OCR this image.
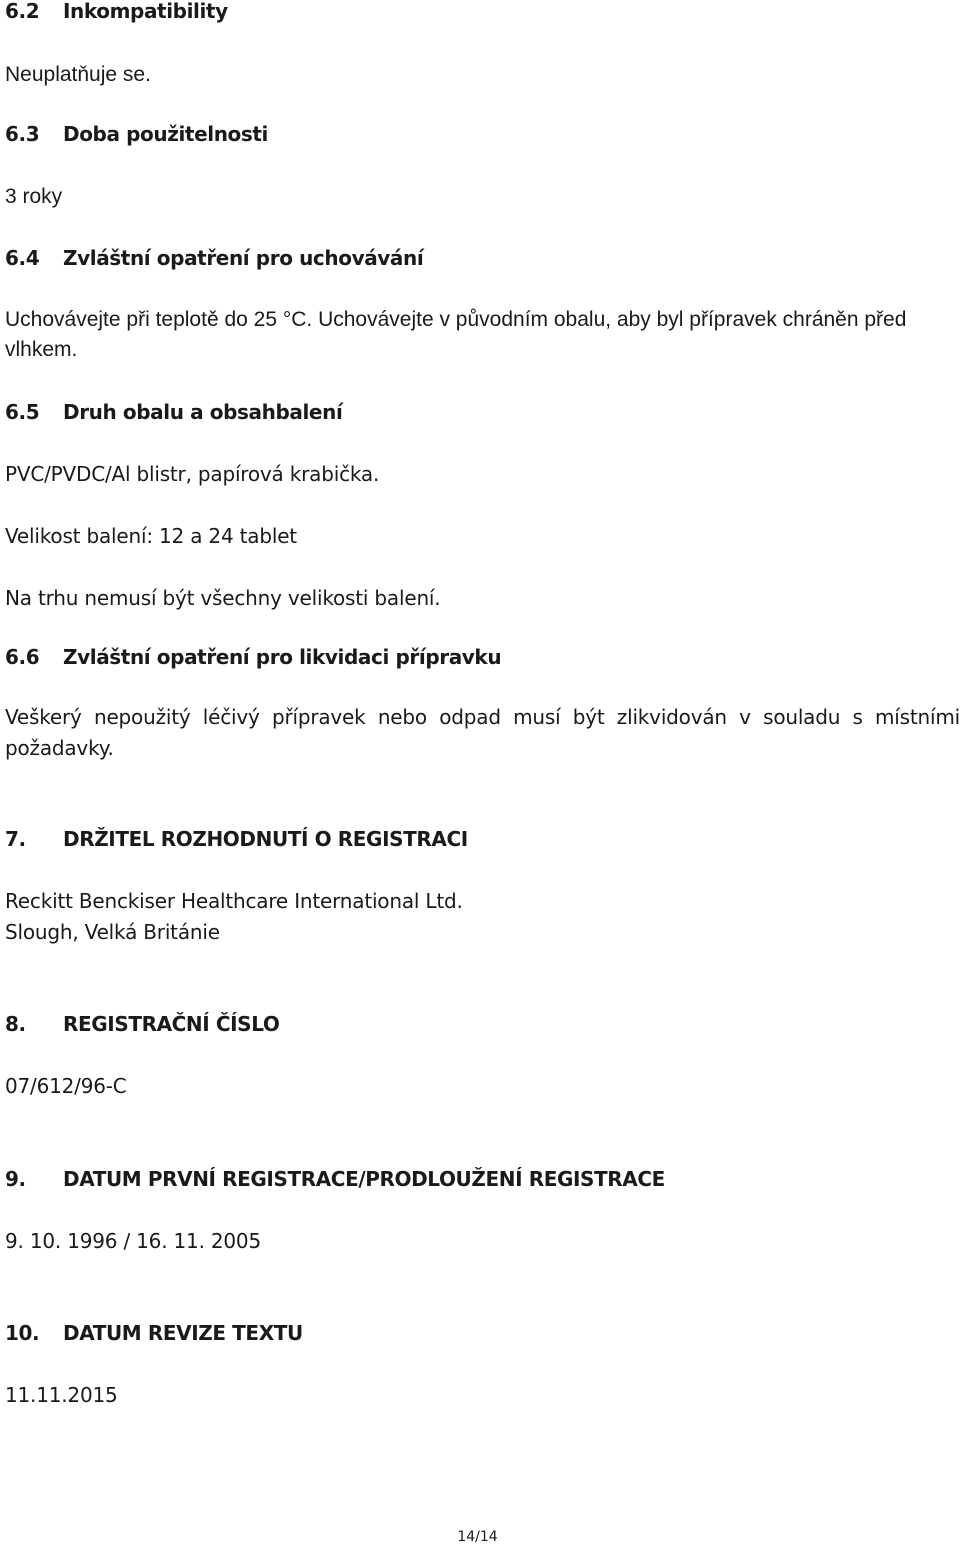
6.2 Inkompatibility
Neuplatňuje se.
6.3 Doba použitelnosti
3 roky
6.4 Zvláštní opatření pro uchovávání
Uchovávejte při teplotě do 25 °C. Uchovávejte v původním obalu, aby byl přípravek chráněn před vlhkem.
6.5 Druh obalu a obsahbalení
PVC/PVDC/Al blistr, papírová krabička.
Velikost balení: 12 a 24 tablet
Na trhu nemusí být všechny velikosti balení.
6.6 Zvláštní opatření pro likvidaci přípravku
Veškerý nepoužitý léčivý přípravek nebo odpad musí být zlikvidován v souladu s místními požadavky.
7. DRŽITEL ROZHODNUTÍ O REGISTRACI
Reckitt Benckiser Healthcare International Ltd.
Slough, Velká Británie
8. REGISTRAČNÍ ČÍSLO
07/612/96-C
9. DATUM PRVNÍ REGISTRACE/PRODLOUŽENÍ REGISTRACE
9. 10. 1996 / 16. 11. 2005
10. DATUM REVIZE TEXTU
11.11.2015
14/14
